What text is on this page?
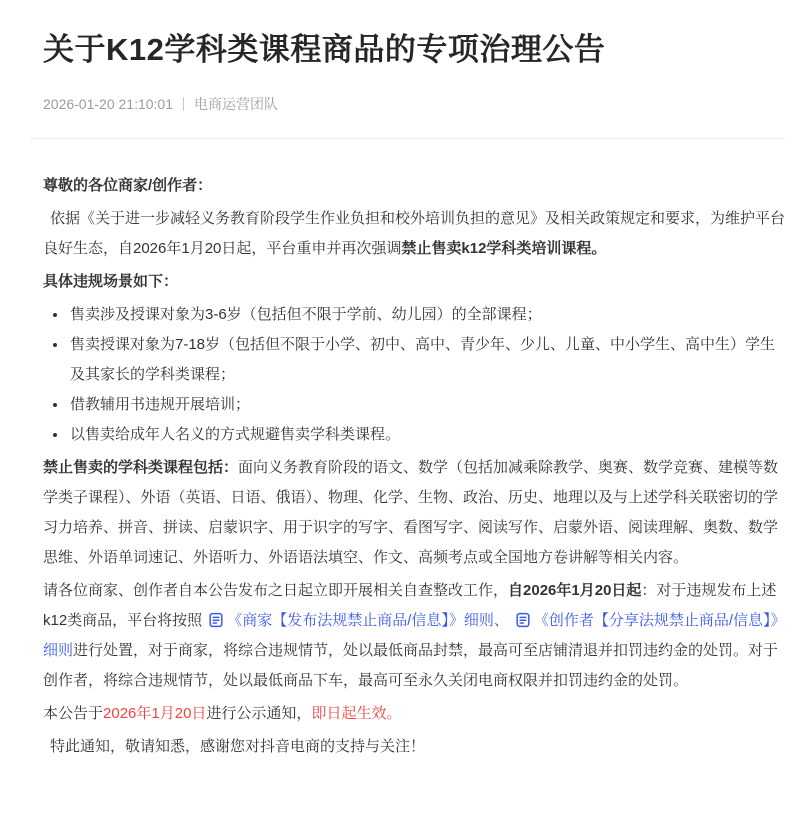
关于K12学科类课程商品的专项治理公告
2026-01-20 21:10:01 电商运营团队

尊敬的各位商家/创作者：

依据《关于进一步减轻义务教育阶段学生作业负担和校外培训负担的意见》及相关政策规定和要求，为维护平台良好生态，自2026年1月20日起，平台重申并再次强调禁止售卖k12学科类培训课程。

具体违规场景如下：

• 售卖涉及授课对象为3-6岁（包括但不限于学前、幼儿园）的全部课程；
• 售卖授课对象为7-18岁（包括但不限于小学、初中、高中、青少年、少儿、儿童、中小学生、高中生）学生及其家长的学科类课程；
• 借教辅用书违规开展培训；
• 以售卖给成年人名义的方式规避售卖学科类课程。

禁止售卖的学科类课程包括：面向义务教育阶段的语文、数学（包括加减乘除教学、奥赛、数学竞赛、建模等数学类子课程）、外语（英语、日语、俄语）、物理、化学、生物、政治、历史、地理以及与上述学科关联密切的学习力培养、拼音、拼读、启蒙识字、用于识字的写字、看图写字、阅读写作、启蒙外语、阅读理解、奥数、数学思维、外语单词速记、外语听力、外语语法填空、作文、高频考点或全国地方卷讲解等相关内容。

请各位商家、创作者自本公告发布之日起立即开展相关自查整改工作，自2026年1月20日起：对于违规发布上述k12类商品，平台将按照 《商家【发布法规禁止商品/信息】》细则、 《创作者【分享法规禁止商品/信息】》细则进行处置，对于商家，将综合违规情节，处以最低商品封禁，最高可至店铺清退并扣罚违约金的处罚。对于创作者，将综合违规情节，处以最低商品下车，最高可至永久关闭电商权限并扣罚违约金的处罚。

本公告于2026年1月20日进行公示通知，即日起生效。

特此通知，敬请知悉，感谢您对抖音电商的支持与关注！
